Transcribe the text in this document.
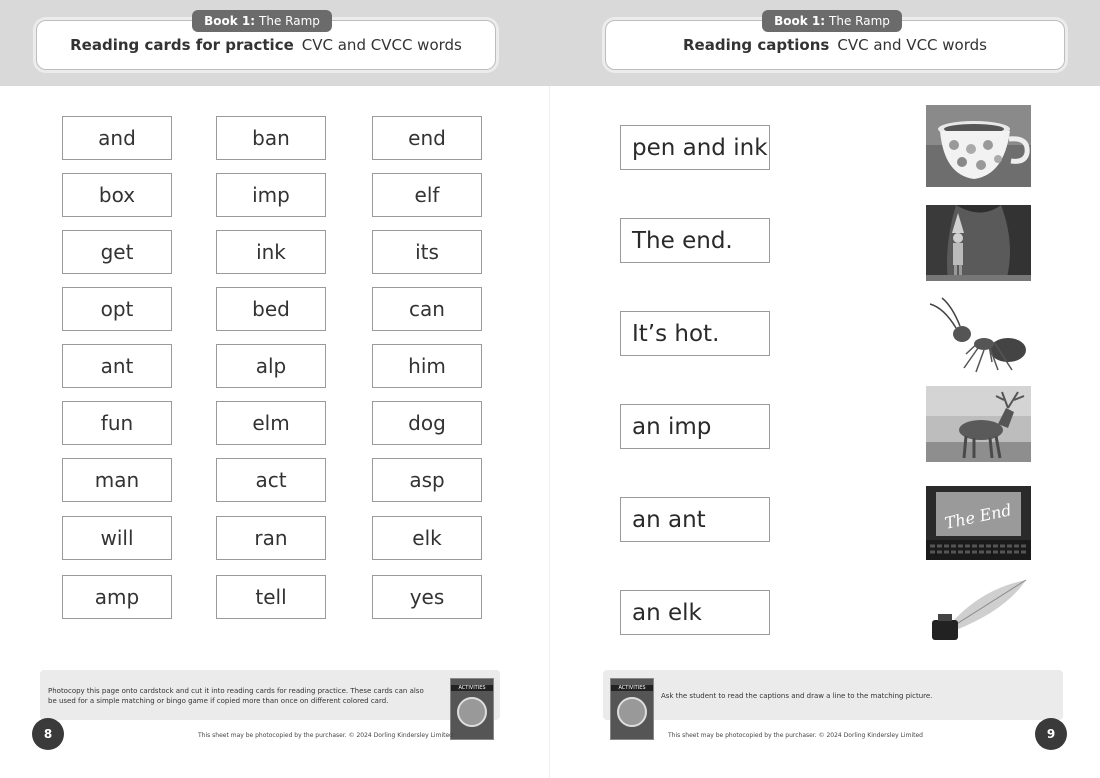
Reading cards for practice CVC and CVCC words
Book 1: The Ramp
and	ban	end
box	imp	elf
get	ink	its
opt	bed	can
ant	alp	him
fun	elm	dog
man	act	asp
will	ran	elk
amp	tell	yes
Photocopy this page onto cardstock and cut it into reading cards for reading practice. These cards can also be used for a simple matching or bingo game if copied more than once on different colored card.
ACTIVITIES
This sheet may be photocopied by the purchaser. © 2024 Dorling Kindersley Limited
8
Reading captions CVC and VCC words
Book 1: The Ramp
pen and ink
The end.
It’s hot.
an imp
an ant
an elk
The End
Ask the student to read the captions and draw a line to the matching picture.
ACTIVITIES
This sheet may be photocopied by the purchaser. © 2024 Dorling Kindersley Limited	9
